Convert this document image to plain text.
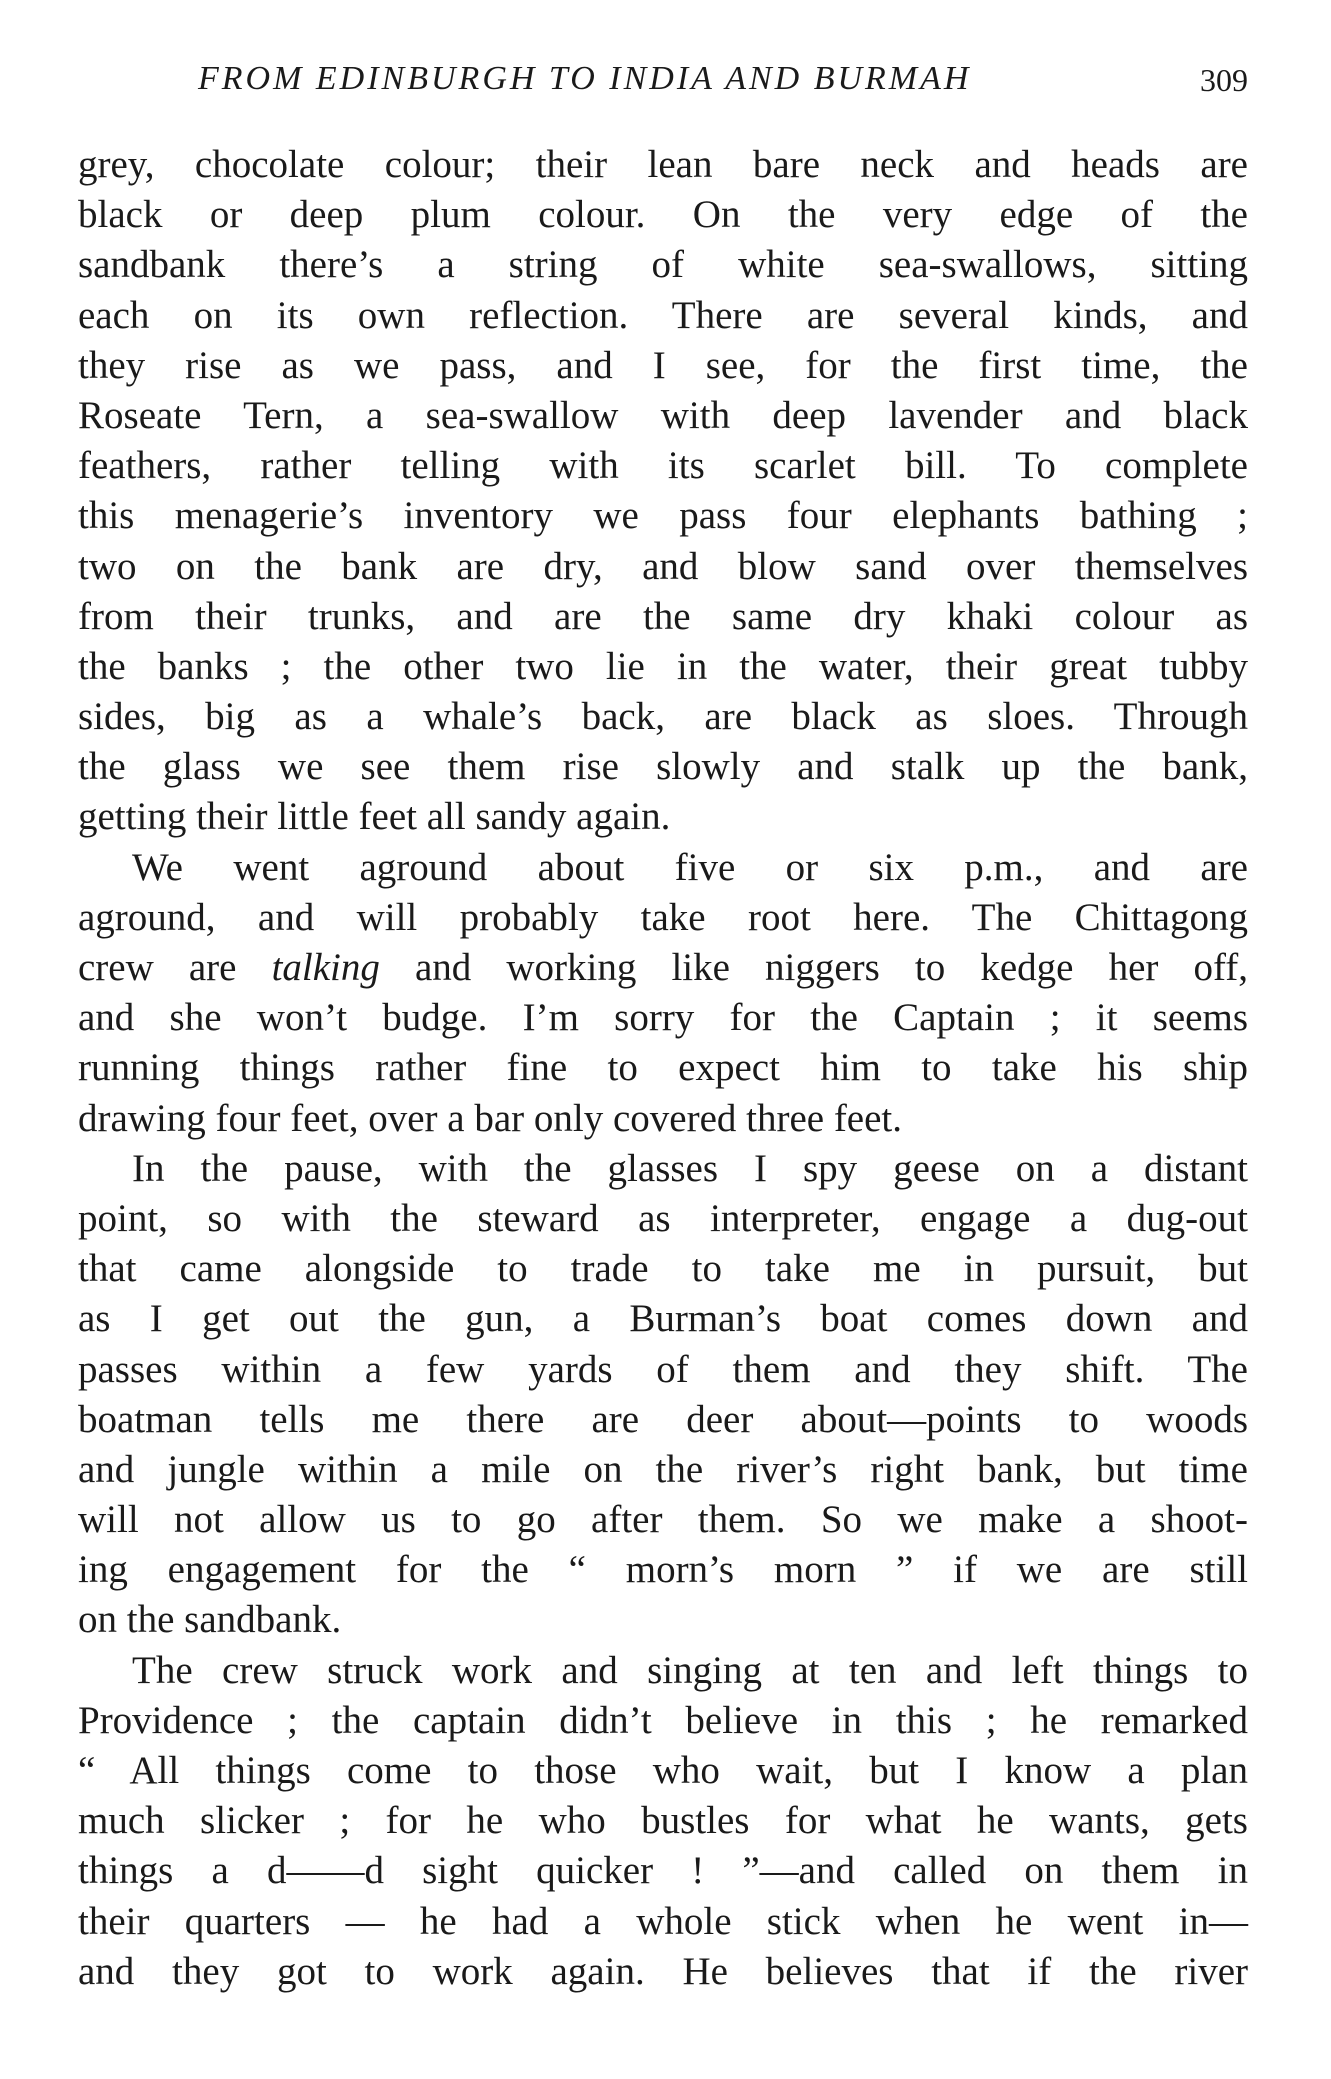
FROM EDINBURGH TO INDIA AND BURMAH	309
grey, chocolate colour; their lean bare neck and heads are
black or deep plum colour. On the very edge of the
sandbank there’s a string of white sea-swallows, sitting
each on its own reflection. There are several kinds, and
they rise as we pass, and I see, for the first time, the
Roseate Tern, a sea-swallow with deep lavender and black
feathers, rather telling with its scarlet bill. To complete
this menagerie’s inventory we pass four elephants bathing ;
two on the bank are dry, and blow sand over themselves
from their trunks, and are the same dry khaki colour as
the banks ; the other two lie in the water, their great tubby
sides, big as a whale’s back, are black as sloes. Through
the glass we see them rise slowly and stalk up the bank,
getting their little feet all sandy again.
We went aground about five or six p.m., and are
aground, and will probably take root here. The Chittagong
crew are talking and working like niggers to kedge her off,
and she won’t budge. I’m sorry for the Captain ; it seems
running things rather fine to expect him to take his ship
drawing four feet, over a bar only covered three feet.
In the pause, with the glasses I spy geese on a distant
point, so with the steward as interpreter, engage a dug-out
that came alongside to trade to take me in pursuit, but
as I get out the gun, a Burman’s boat comes down and
passes within a few yards of them and they shift. The
boatman tells me there are deer about—points to woods
and jungle within a mile on the river’s right bank, but time
will not allow us to go after them. So we make a shoot-
ing engagement for the “ morn’s morn ” if we are still
on the sandbank.
The crew struck work and singing at ten and left things to
Providence ; the captain didn’t believe in this ; he remarked
“ All things come to those who wait, but I know a plan
much slicker ; for he who bustles for what he wants, gets
things a d——d sight quicker ! ”—and called on them in
their quarters — he had a whole stick when he went in—
and they got to work again. He believes that if the river
